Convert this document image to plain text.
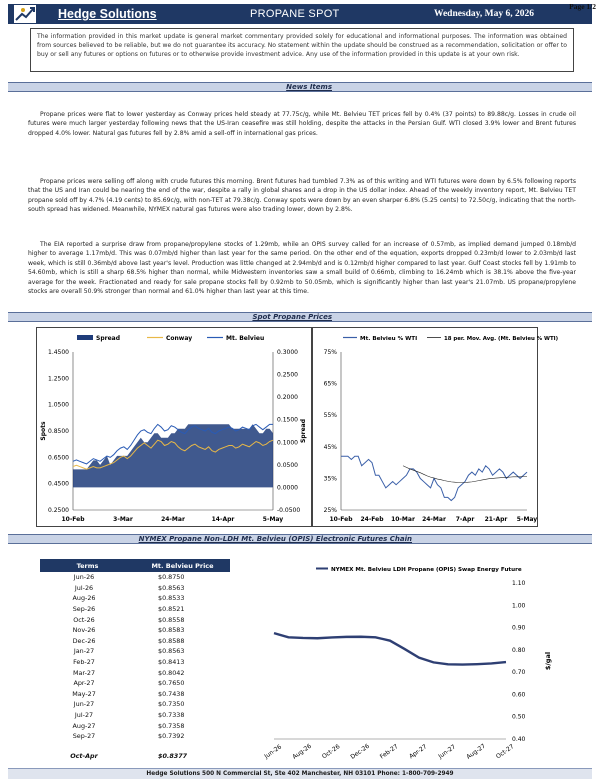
Hedge Solutions	PROPANE SPOT	Wednesday, May 6, 2026
Page 1/2
The information provided in this market update is general market commentary provided solely for educational and informational purposes. The information was obtained from sources believed to be reliable, but we do not guarantee its accuracy. No statement within the update should be construed as a recommendation, solicitation or offer to buy or sell any futures or options on futures or to otherwise provide investment advice. Any use of the information provided in this update is at your own risk.
News Items
Propane prices were flat to lower yesterday as Conway prices held steady at 77.75c/g, while Mt. Belvieu TET prices fell by 0.4% (37 points) to 89.88c/g. Losses in crude oil futures were much larger yesterday following news that the US-Iran ceasefire was still holding, despite the attacks in the Persian Gulf. WTI closed 3.9% lower and Brent futures dropped 4.0% lower. Natural gas futures fell by 2.8% amid a sell-off in international gas prices.
Propane prices were selling off along with crude futures this morning. Brent futures had tumbled 7.3% as of this writing and WTI futures were down by 6.5% following reports that the US and Iran could be nearing the end of the war, despite a rally in global shares and a drop in the US dollar index. Ahead of the weekly inventory report, Mt. Belvieu TET propane sold off by 4.7% (4.19 cents) to 85.69c/g, with non-TET at 79.38c/g. Conway spots were down by an even sharper 6.8% (5.25 cents) to 72.50c/g, indicating that the north-south spread has widened. Meanwhile, NYMEX natural gas futures were also trading lower, down by 2.8%.
The EIA reported a surprise draw from propane/propylene stocks of 1.29mb, while an OPIS survey called for an increase of 0.57mb, as implied demand jumped 0.18mb/d higher to average 1.17mb/d. This was 0.07mb/d higher than last year for the same period. On the other end of the equation, exports dropped 0.23mb/d lower to 2.03mb/d last week, which is still 0.36mb/d above last year's level. Production was little changed at 2.94mb/d and is 0.12mb/d higher compared to last year. Gulf Coast stocks fell by 1.91mb to 54.60mb, which is still a sharp 68.5% higher than normal, while Midwestern inventories saw a small build of 0.66mb, climbing to 16.24mb which is 38.1% above the five-year average for the week. Fractionated and ready for sale propane stocks fell by 0.92mb to 50.05mb, which is significantly higher than last year's 21.07mb. US propane/propylene stocks are overall 50.9% stronger than normal and 61.0% higher than last year at this time.
Spot Propane Prices
1.4500
1.2500
1.0500
0.8500
0.6500
0.4500
0.2500
0.3000
0.2500
0.2000
0.1500
0.1000
0.0500
0.0000
-0.0500
10-Feb	3-Mar	24-Mar	14-Apr	5-May
Spots	Spread
Spread	Conway	Mt. Belvieu
75%
65%
55%
45%
35%
25%
10-Feb 24-Feb 10-Mar 24-Mar 7-Apr 21-Apr 5-May
Mt. Belvieu % WTI	18 per. Mov. Avg. (Mt. Belvieu % WTI)
NYMEX Propane Non-LDH Mt. Belvieu (OPIS) Electronic Futures Chain
Terms	Mt. Belvieu Price
Jun-26	$0.8750
Jul-26	$0.8563
Aug-26	$0.8533
Sep-26	$0.8521
Oct-26	$0.8558
Nov-26	$0.8583
Dec-26	$0.8588
Jan-27	$0.8563
Feb-27	$0.8413
Mar-27	$0.8042
Apr-27	$0.7650
May-27	$0.7438
Jun-27	$0.7350
Jul-27	$0.7338
Aug-27	$0.7358
Sep-27	$0.7392
Oct-Apr	$0.8377
1.10
1.00
0.90
0.80
0.70
0.60
0.50
0.40
$/gal
Jun-26 Aug-26 Oct-26 Dec-26 Feb-27 Apr-27 Jun-27 Aug-27 Oct-27
NYMEX Mt. Belvieu LDH Propane (OPIS) Swap Energy Future
Hedge Solutions 500 N Commercial St, Ste 402 Manchester, NH 03101 Phone: 1-800-709-2949
